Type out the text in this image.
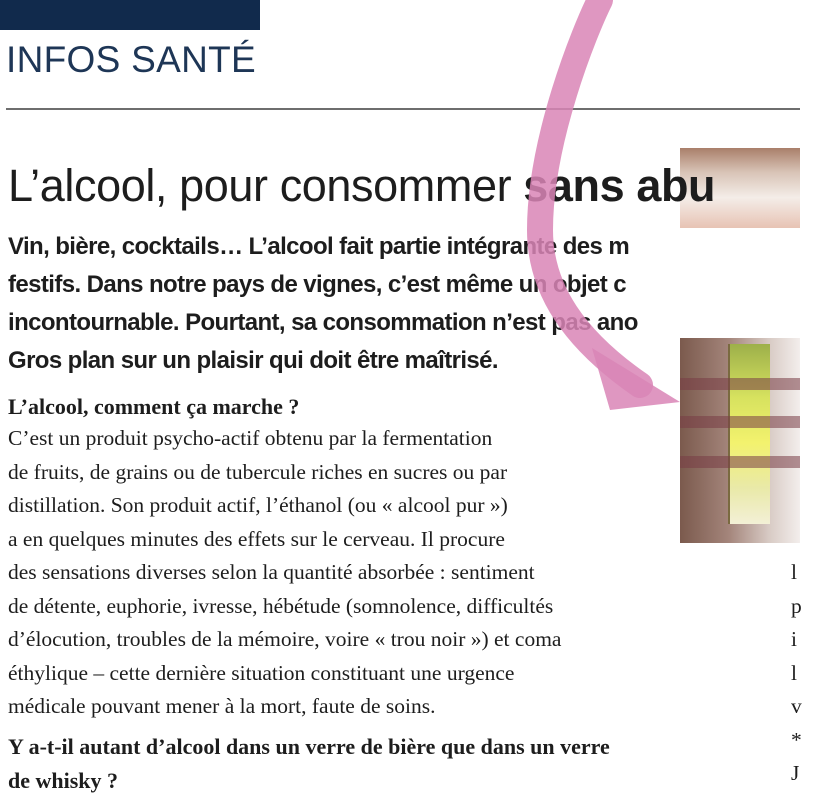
INFOS SANTÉ
L’alcool, pour consommer sans abu

Vin, bière, cocktails… L’alcool fait partie intégrante des m
festifs. Dans notre pays de vignes, c’est même un objet c
incontournable. Pourtant, sa consommation n’est pas ano
Gros plan sur un plaisir qui doit être maîtrisé.

L’alcool, comment ça marche ?

C’est un produit psycho-actif obtenu par la fermentation
de fruits, de grains ou de tubercule riches en sucres ou par
distillation. Son produit actif, l’éthanol (ou « alcool pur »)
a en quelques minutes des effets sur le cerveau. Il procure
des sensations diverses selon la quantité absorbée : sentiment
de détente, euphorie, ivresse, hébétude (somnolence, difficultés
d’élocution, troubles de la mémoire, voire « trou noir ») et coma
éthylique – cette dernière situation constituant une urgence
médicale pouvant mener à la mort, faute de soins.

Y a-t-il autant d’alcool dans un verre de bière que dans un verre
de whisky ?

l
p
i
l
v
*
J
